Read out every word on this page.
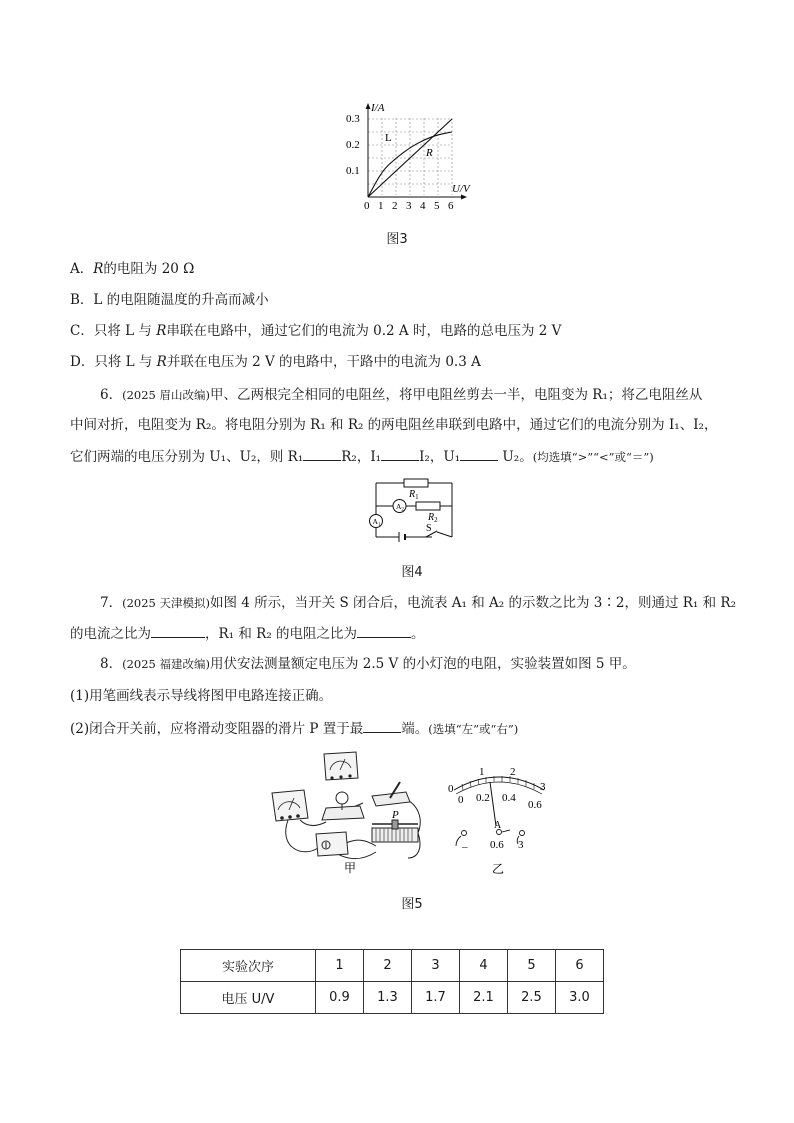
I/A
U/V
0.3
0.2
0.1
0 1 2 3 4 5 6
L
R
图3
A．R的电阻为 20 Ω
B．L 的电阻随温度的升高而减小
C．只将 L 与 R串联在电路中，通过它们的电流为 0.2 A 时，电路的总电压为 2 V
D．只将 L 与 R并联在电压为 2 V 的电路中，干路中的电流为 0.3 A
6．(2025 眉山改编)甲、乙两根完全相同的电阻丝，将甲电阻丝剪去一半，电阻变为 R₁；将乙电阻丝从
中间对折，电阻变为 R₂。将电阻分别为 R₁ 和 R₂ 的两电阻丝串联到电路中，通过它们的电流分别为 I₁、I₂，
它们两端的电压分别为 U₁、U₂，则 R₁	R₂，I₁	I₂，U₁	U₂。(均选填“>”“<”或“＝”)
$R_1$
$R_2$
S
$A_1$
$A_2$
图4
7．(2025 天津模拟)如图 4 所示，当开关 S 闭合后，电流表 A₁ 和 A₂ 的示数之比为 3∶2，则通过 R₁ 和 R₂
的电流之比为	，R₁ 和 R₂ 的电阻之比为	。
8．(2025 福建改编)用伏安法测量额定电压为 2.5 V 的小灯泡的电阻，实验装置如图 5 甲。
(1)用笔画线表示导线将图甲电路连接正确。
(2)闭合开关前，应将滑动变阻器的滑片 P 置于最	端。(选填“左”或“右”)
P
甲
0
1 2
3
0 0.2 0.4
0.6
A
– 0.6 3
乙
图5
实验次序	1	2	3	4	5	6
电压 U/V	0.9	1.3	1.7	2.1	2.5	3.0
